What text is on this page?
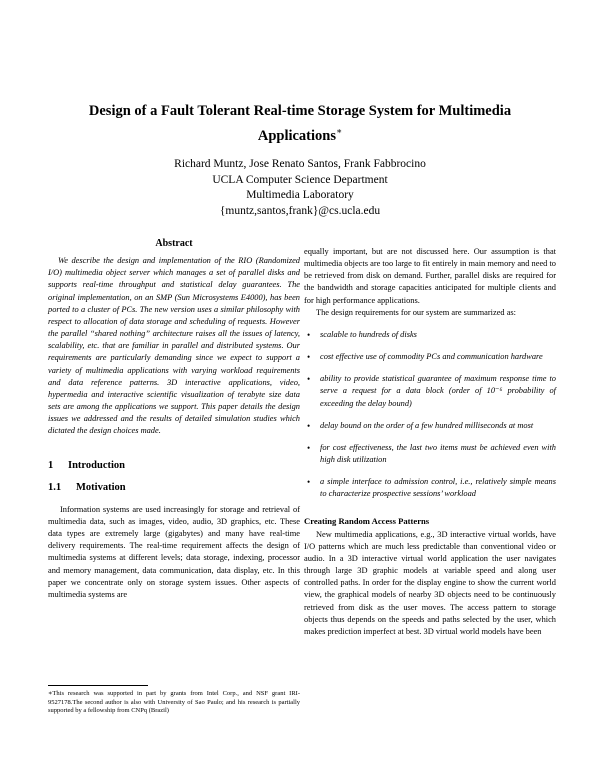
Design of a Fault Tolerant Real-time Storage System for Multimedia Applications∗
Richard Muntz, Jose Renato Santos, Frank Fabbrocino
UCLA Computer Science Department
Multimedia Laboratory
{muntz,santos,frank}@cs.ucla.edu
Abstract

We describe the design and implementation of the RIO (Randomized I/O) multimedia object server which manages a set of parallel disks and supports real-time throughput and statistical delay guarantees. The original implementation, on an SMP (Sun Microsystems E4000), has been ported to a cluster of PCs. The new version uses a similar philosophy with respect to allocation of data storage and scheduling of requests. However the parallel “shared nothing” architecture raises all the issues of latency, scalability, etc. that are familiar in parallel and distributed systems. Our requirements are particularly demanding since we expect to support a variety of multimedia applications with varying workload requirements and data reference patterns. 3D interactive applications, video, hypermedia and interactive scientific visualization of terabyte size data sets are among the applications we support. This paper details the design issues we addressed and the results of detailed simulation studies which dictated the design choices made.

1 Introduction
1.1 Motivation

Information systems are used increasingly for storage and retrieval of multimedia data, such as images, video, audio, 3D graphics, etc. These data types are extremely large (gigabytes) and many have real-time delivery requirements. The real-time requirement affects the design of multimedia systems at different levels; data storage, indexing, processor and memory management, data communication, data display, etc. In this paper we concentrate only on storage system issues. Other aspects of multimedia systems are

∗This research was supported in part by grants from Intel Corp., and NSF grant IRI-9527178.The second author is also with University of Sao Paulo; and his research is partially supported by a fellowship from CNPq (Brazil)

equally important, but are not discussed here. Our assumption is that multimedia objects are too large to fit entirely in main memory and need to be retrieved from disk on demand. Further, parallel disks are required for the bandwidth and storage capacities anticipated for multiple clients and for high performance applications.

The design requirements for our system are summarized as:

• scalable to hundreds of disks
• cost effective use of commodity PCs and communication hardware
• ability to provide statistical guarantee of maximum response time to serve a request for a data block (order of 10⁻⁶ probability of exceeding the delay bound)
• delay bound on the order of a few hundred milliseconds at most
• for cost effectiveness, the last two items must be achieved even with high disk utilization
• a simple interface to admission control, i.e., relatively simple means to characterize prospective sessions’ workload
Creating Random Access Patterns

New multimedia applications, e.g., 3D interactive virtual worlds, have I/O patterns which are much less predictable than conventional video or audio. In a 3D interactive virtual world application the user navigates through large 3D graphic models at variable speed and along user controlled paths. In order for the display engine to show the current world view, the graphical models of nearby 3D objects need to be continuously retrieved from disk as the user moves. The access pattern to storage objects thus depends on the speeds and paths selected by the user, which makes prediction imperfect at best. 3D virtual world models have been
